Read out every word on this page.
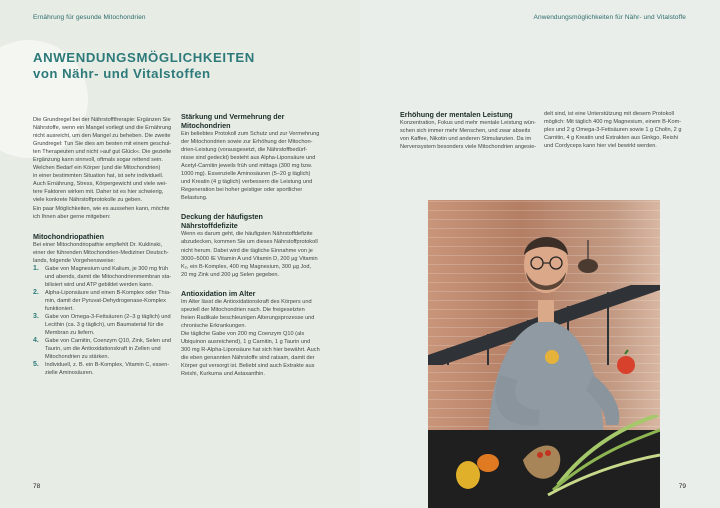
Ernährung für gesunde Mitochondrien
ANWENDUNGSMÖGLICHKEITEN
von Nähr- und Vitalstoffen

Die Grundregel bei der Nährstofftherapie: Ergänzen Sie

Nährstoffe, wenn ein Mangel vorliegt und die Ernährung

nicht ausreicht, um den Mangel zu beheben. Die zweite

Grundregel: Tun Sie dies am besten mit einem geschul-

ten Therapeuten und nicht »auf gut Glück«. Die gezielte

Ergänzung kann sinnvoll, oftmals sogar rettend sein.

Welchen Bedarf ein Körper (und die Mitochondrien)

in einer bestimmten Situation hat, ist sehr individuell.

Auch Ernährung, Stress, Körpergewicht und viele wei-

tere Faktoren wirken mit. Daher ist es hier schwierig,

viele konkrete Nährstoffprotokolle zu geben.

Ein paar Möglichkeiten, wie es aussehen kann, möchte

ich Ihnen aber gerne mitgeben:

Mitochondriopathien

Bei einer Mitochondriopathie empfiehlt Dr. Kuklinski,

einer der führenden Mitochondrien-Mediziner Deutsch-

lands, folgende Vorgehensweise:

1. Gabe von Magnesium und Kalium, je 300 mg früh

und abends, damit die Mitochondrienmembran sta-

bilisiert wird und ATP gebildet werden kann.

2. Alpha-Liponsäure und einen B-Komplex oder Thia-

min, damit der Pyruvat-Dehydrogenase-Komplex

funktioniert.

3. Gabe von Omega-3-Fettsäuren (2–3 g täglich) und

Lecithin (ca. 3 g täglich), um Baumaterial für die

Membran zu liefern.

4. Gabe von Carnitin, Coenzym Q10, Zink, Selen und

Taurin, um die Antioxidationskraft in Zellen und

Mitochondrien zu stärken.

5. Individuell, z. B. ein B-Komplex, Vitamin C, essen-

zielle Aminosäuren.

Stärkung und Vermehrung der
Mitochondrien

Ein beliebtes Protokoll zum Schutz und zur Vermehrung

der Mitochondrien sowie zur Erhöhung der Mitochon-

drien-Leistung (vorausgesetzt, die Nährstoffbedürf-

nisse sind gedeckt) besteht aus Alpha-Liponsäure und

Acetyl-Carnitin jeweils früh und mittags (300 mg bzw.

1000 mg). Essenzielle Aminosäuren (5–20 g täglich)

und Kreatin (4 g täglich) verbessern die Leistung und

Regeneration bei hoher geistiger oder sportlicher

Belastung.

Deckung der häufigsten Nährstoffdefizite

Wenn es darum geht, die häufigsten Nährstoffdefizite

abzudecken, kommen Sie um dieses Nährstoffprotokoll

nicht herum. Dabei wird die tägliche Einnahme von je

3000–5000 IE Vitamin A und Vitamin D, 200 µg Vitamin

K₂, ein B-Komplex, 400 mg Magnesium, 300 µg Jod,

20 mg Zink und 200 µg Selen gegeben.

Antioxidation im Alter

Im Alter lässt die Antioxidationskraft des Körpers und

speziell der Mitochondrien nach. Die freigesetzten

freien Radikale beschleunigen Alterungsprozesse und

chronische Erkrankungen.

Die tägliche Gabe von 200 mg Coenzym Q10 (als

Ubiquinon ausreichend), 1 g Carnitin, 1 g Taurin und

300 mg R-Alpha-Liponsäure hat sich hier bewährt. Auch

die eben genannten Nährstoffe sind ratsam, damit der

Körper gut versorgt ist. Beliebt sind auch Extrakte aus

Reishi, Kurkuma und Astaxanthin.

78
Anwendungsmöglichkeiten für Nähr- und Vitalstoffe
Erhöhung der mentalen Leistung

Konzentration, Fokus und mehr mentale Leistung wün-

schen sich immer mehr Menschen, und zwar abseits

von Kaffee, Nikotin und anderen Stimulanzien. Da im

Nervensystem besonders viele Mitochondrien angesie-

delt sind, ist eine Unterstützung mit diesem Protokoll

möglich: Mit täglich 400 mg Magnesium, einem B-Kom-

plex und 2 g Omega-3-Fettsäuren sowie 1 g Cholin, 2 g

Carnitin, 4 g Kreatin und Extrakten aus Ginkgo, Reishi

und Cordyceps kann hier viel bewirkt werden.

79
